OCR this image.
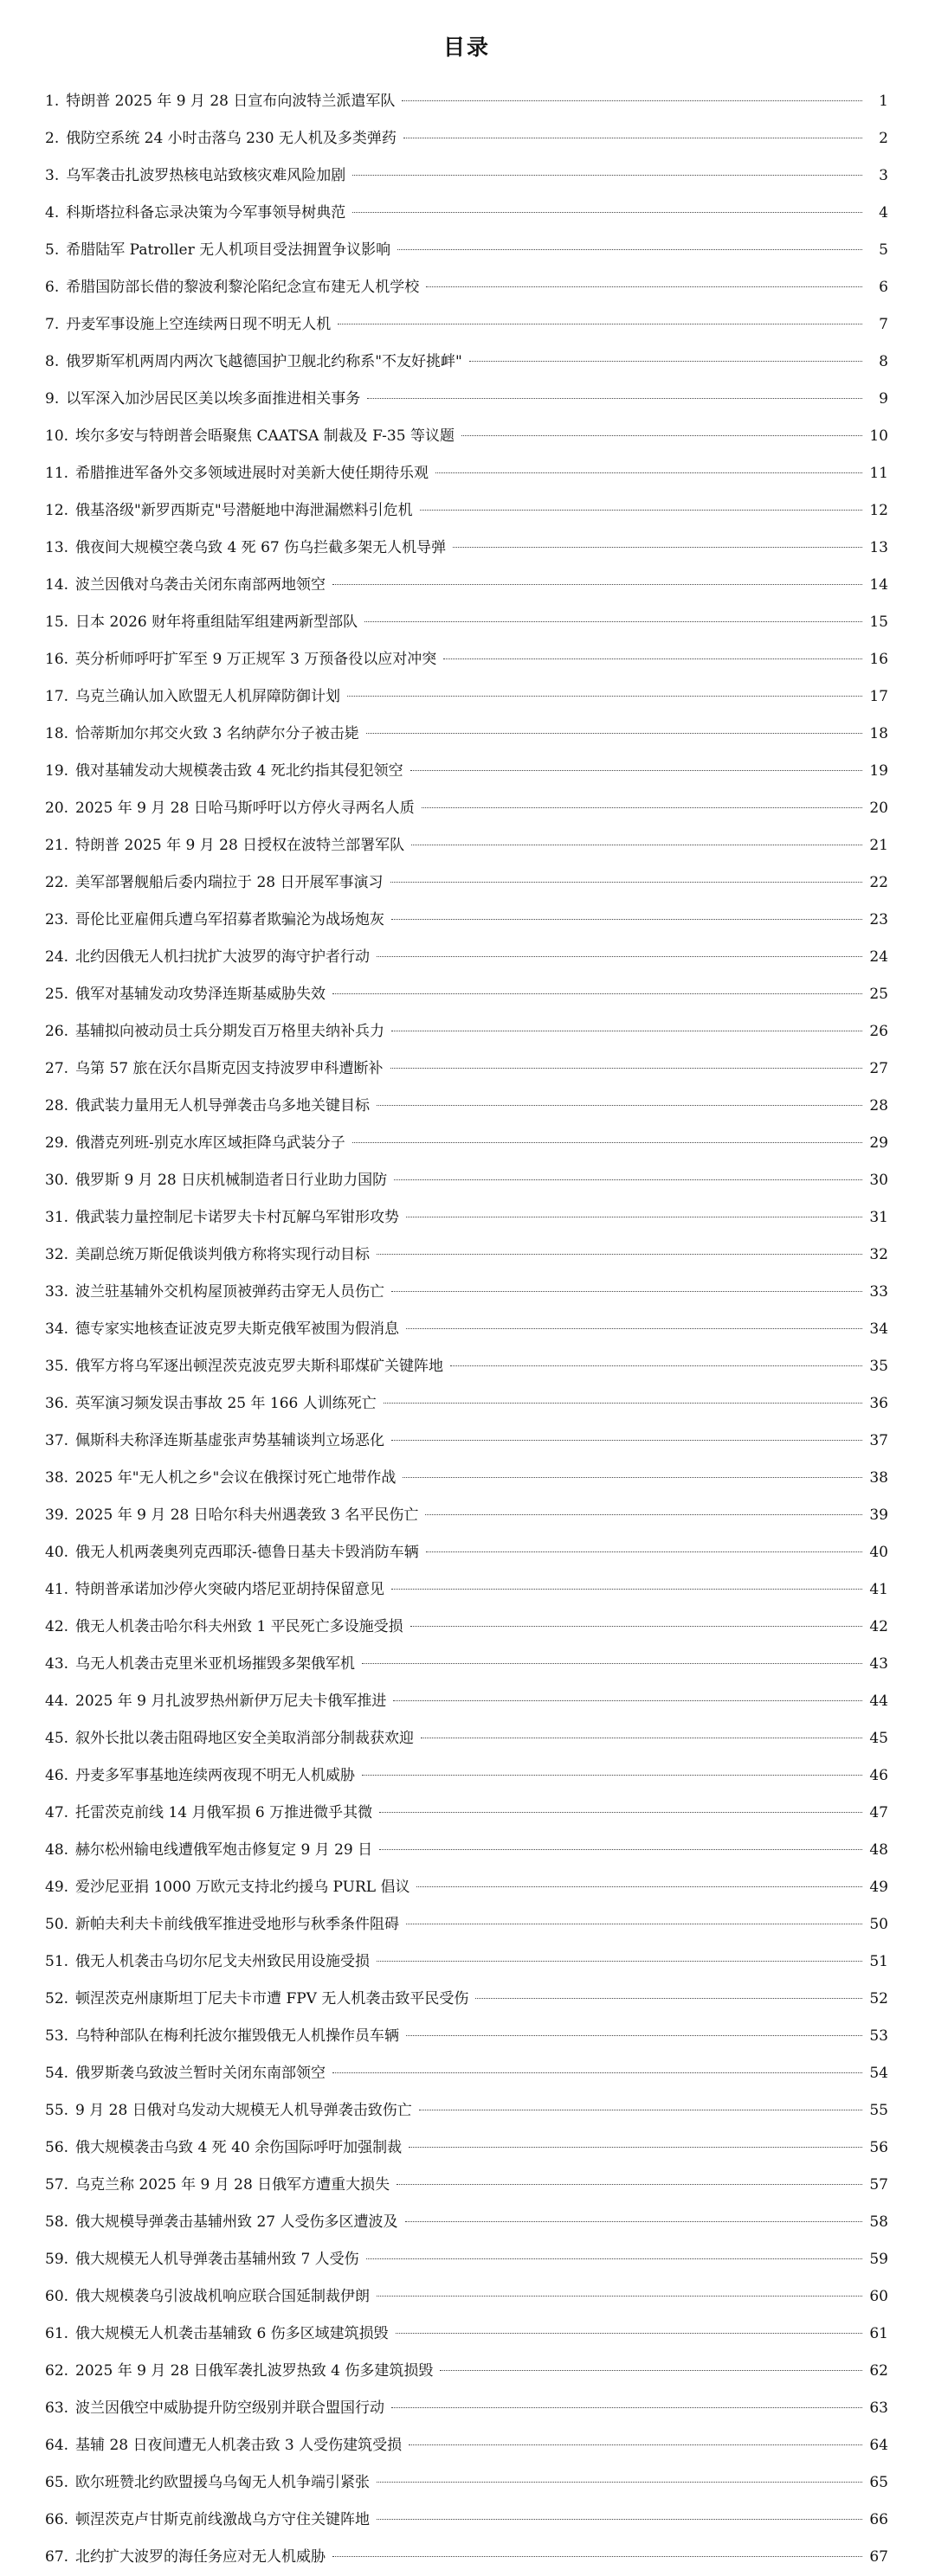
目录
1. 特朗普 2025 年 9 月 28 日宣布向波特兰派遣军队	1
2. 俄防空系统 24 小时击落乌 230 无人机及多类弹药	2
3. 乌军袭击扎波罗热核电站致核灾难风险加剧	3
4. 科斯塔拉科备忘录决策为今军事领导树典范	4
5. 希腊陆军 Patroller 无人机项目受法拥置争议影响	5
6. 希腊国防部长借的黎波利黎沦陷纪念宣布建无人机学校	6
7. 丹麦军事设施上空连续两日现不明无人机	7
8. 俄罗斯军机两周内两次飞越德国护卫舰北约称系"不友好挑衅"	8
9. 以军深入加沙居民区美以埃多面推进相关事务	9
10. 埃尔多安与特朗普会晤聚焦 CAATSA 制裁及 F-35 等议题	10
11. 希腊推进军备外交多领域进展时对美新大使任期待乐观	11
12. 俄基洛级"新罗西斯克"号潜艇地中海泄漏燃料引危机	12
13. 俄夜间大规模空袭乌致 4 死 67 伤乌拦截多架无人机导弹	13
14. 波兰因俄对乌袭击关闭东南部两地领空	14
15. 日本 2026 财年将重组陆军组建两新型部队	15
16. 英分析师呼吁扩军至 9 万正规军 3 万预备役以应对冲突	16
17. 乌克兰确认加入欧盟无人机屏障防御计划	17
18. 恰蒂斯加尔邦交火致 3 名纳萨尔分子被击毙	18
19. 俄对基辅发动大规模袭击致 4 死北约指其侵犯领空	19
20. 2025 年 9 月 28 日哈马斯呼吁以方停火寻两名人质	20
21. 特朗普 2025 年 9 月 28 日授权在波特兰部署军队	21
22. 美军部署舰船后委内瑞拉于 28 日开展军事演习	22
23. 哥伦比亚雇佣兵遭乌军招募者欺骗沦为战场炮灰	23
24. 北约因俄无人机扫扰扩大波罗的海守护者行动	24
25. 俄军对基辅发动攻势泽连斯基威胁失效	25
26. 基辅拟向被动员士兵分期发百万格里夫纳补兵力	26
27. 乌第 57 旅在沃尔昌斯克因支持波罗申科遭断补	27
28. 俄武装力量用无人机导弹袭击乌多地关键目标	28
29. 俄潜克列班-别克水库区域拒降乌武装分子	29
30. 俄罗斯 9 月 28 日庆机械制造者日行业助力国防	30
31. 俄武装力量控制尼卡诺罗夫卡村瓦解乌军钳形攻势	31
32. 美副总统万斯促俄谈判俄方称将实现行动目标	32
33. 波兰驻基辅外交机构屋顶被弹药击穿无人员伤亡	33
34. 德专家实地核查证波克罗夫斯克俄军被围为假消息	34
35. 俄军方将乌军逐出顿涅茨克波克罗夫斯科耶煤矿关键阵地	35
36. 英军演习频发误击事故 25 年 166 人训练死亡	36
37. 佩斯科夫称泽连斯基虚张声势基辅谈判立场恶化	37
38. 2025 年"无人机之乡"会议在俄探讨死亡地带作战	38
39. 2025 年 9 月 28 日哈尔科夫州遇袭致 3 名平民伤亡	39
40. 俄无人机两袭奥列克西耶沃-德鲁日基夫卡毁消防车辆	40
41. 特朗普承诺加沙停火突破内塔尼亚胡持保留意见	41
42. 俄无人机袭击哈尔科夫州致 1 平民死亡多设施受损	42
43. 乌无人机袭击克里米亚机场摧毁多架俄军机	43
44. 2025 年 9 月扎波罗热州新伊万尼夫卡俄军推进	44
45. 叙外长批以袭击阻碍地区安全美取消部分制裁获欢迎	45
46. 丹麦多军事基地连续两夜现不明无人机威胁	46
47. 托雷茨克前线 14 月俄军损 6 万推进微乎其微	47
48. 赫尔松州输电线遭俄军炮击修复定 9 月 29 日	48
49. 爱沙尼亚捐 1000 万欧元支持北约援乌 PURL 倡议	49
50. 新帕夫利夫卡前线俄军推进受地形与秋季条件阻碍	50
51. 俄无人机袭击乌切尔尼戈夫州致民用设施受损	51
52. 顿涅茨克州康斯坦丁尼夫卡市遭 FPV 无人机袭击致平民受伤	52
53. 乌特种部队在梅利托波尔摧毁俄无人机操作员车辆	53
54. 俄罗斯袭乌致波兰暂时关闭东南部领空	54
55. 9 月 28 日俄对乌发动大规模无人机导弹袭击致伤亡	55
56. 俄大规模袭击乌致 4 死 40 余伤国际呼吁加强制裁	56
57. 乌克兰称 2025 年 9 月 28 日俄军方遭重大损失	57
58. 俄大规模导弹袭击基辅州致 27 人受伤多区遭波及	58
59. 俄大规模无人机导弹袭击基辅州致 7 人受伤	59
60. 俄大规模袭乌引波战机响应联合国延制裁伊朗	60
61. 俄大规模无人机袭击基辅致 6 伤多区域建筑损毁	61
62. 2025 年 9 月 28 日俄军袭扎波罗热致 4 伤多建筑损毁	62
63. 波兰因俄空中威胁提升防空级别并联合盟国行动	63
64. 基辅 28 日夜间遭无人机袭击致 3 人受伤建筑受损	64
65. 欧尔班赞北约欧盟援乌乌匈无人机争端引紧张	65
66. 顿涅茨克卢甘斯克前线激战乌方守住关键阵地	66
67. 北约扩大波罗的海任务应对无人机威胁	67
